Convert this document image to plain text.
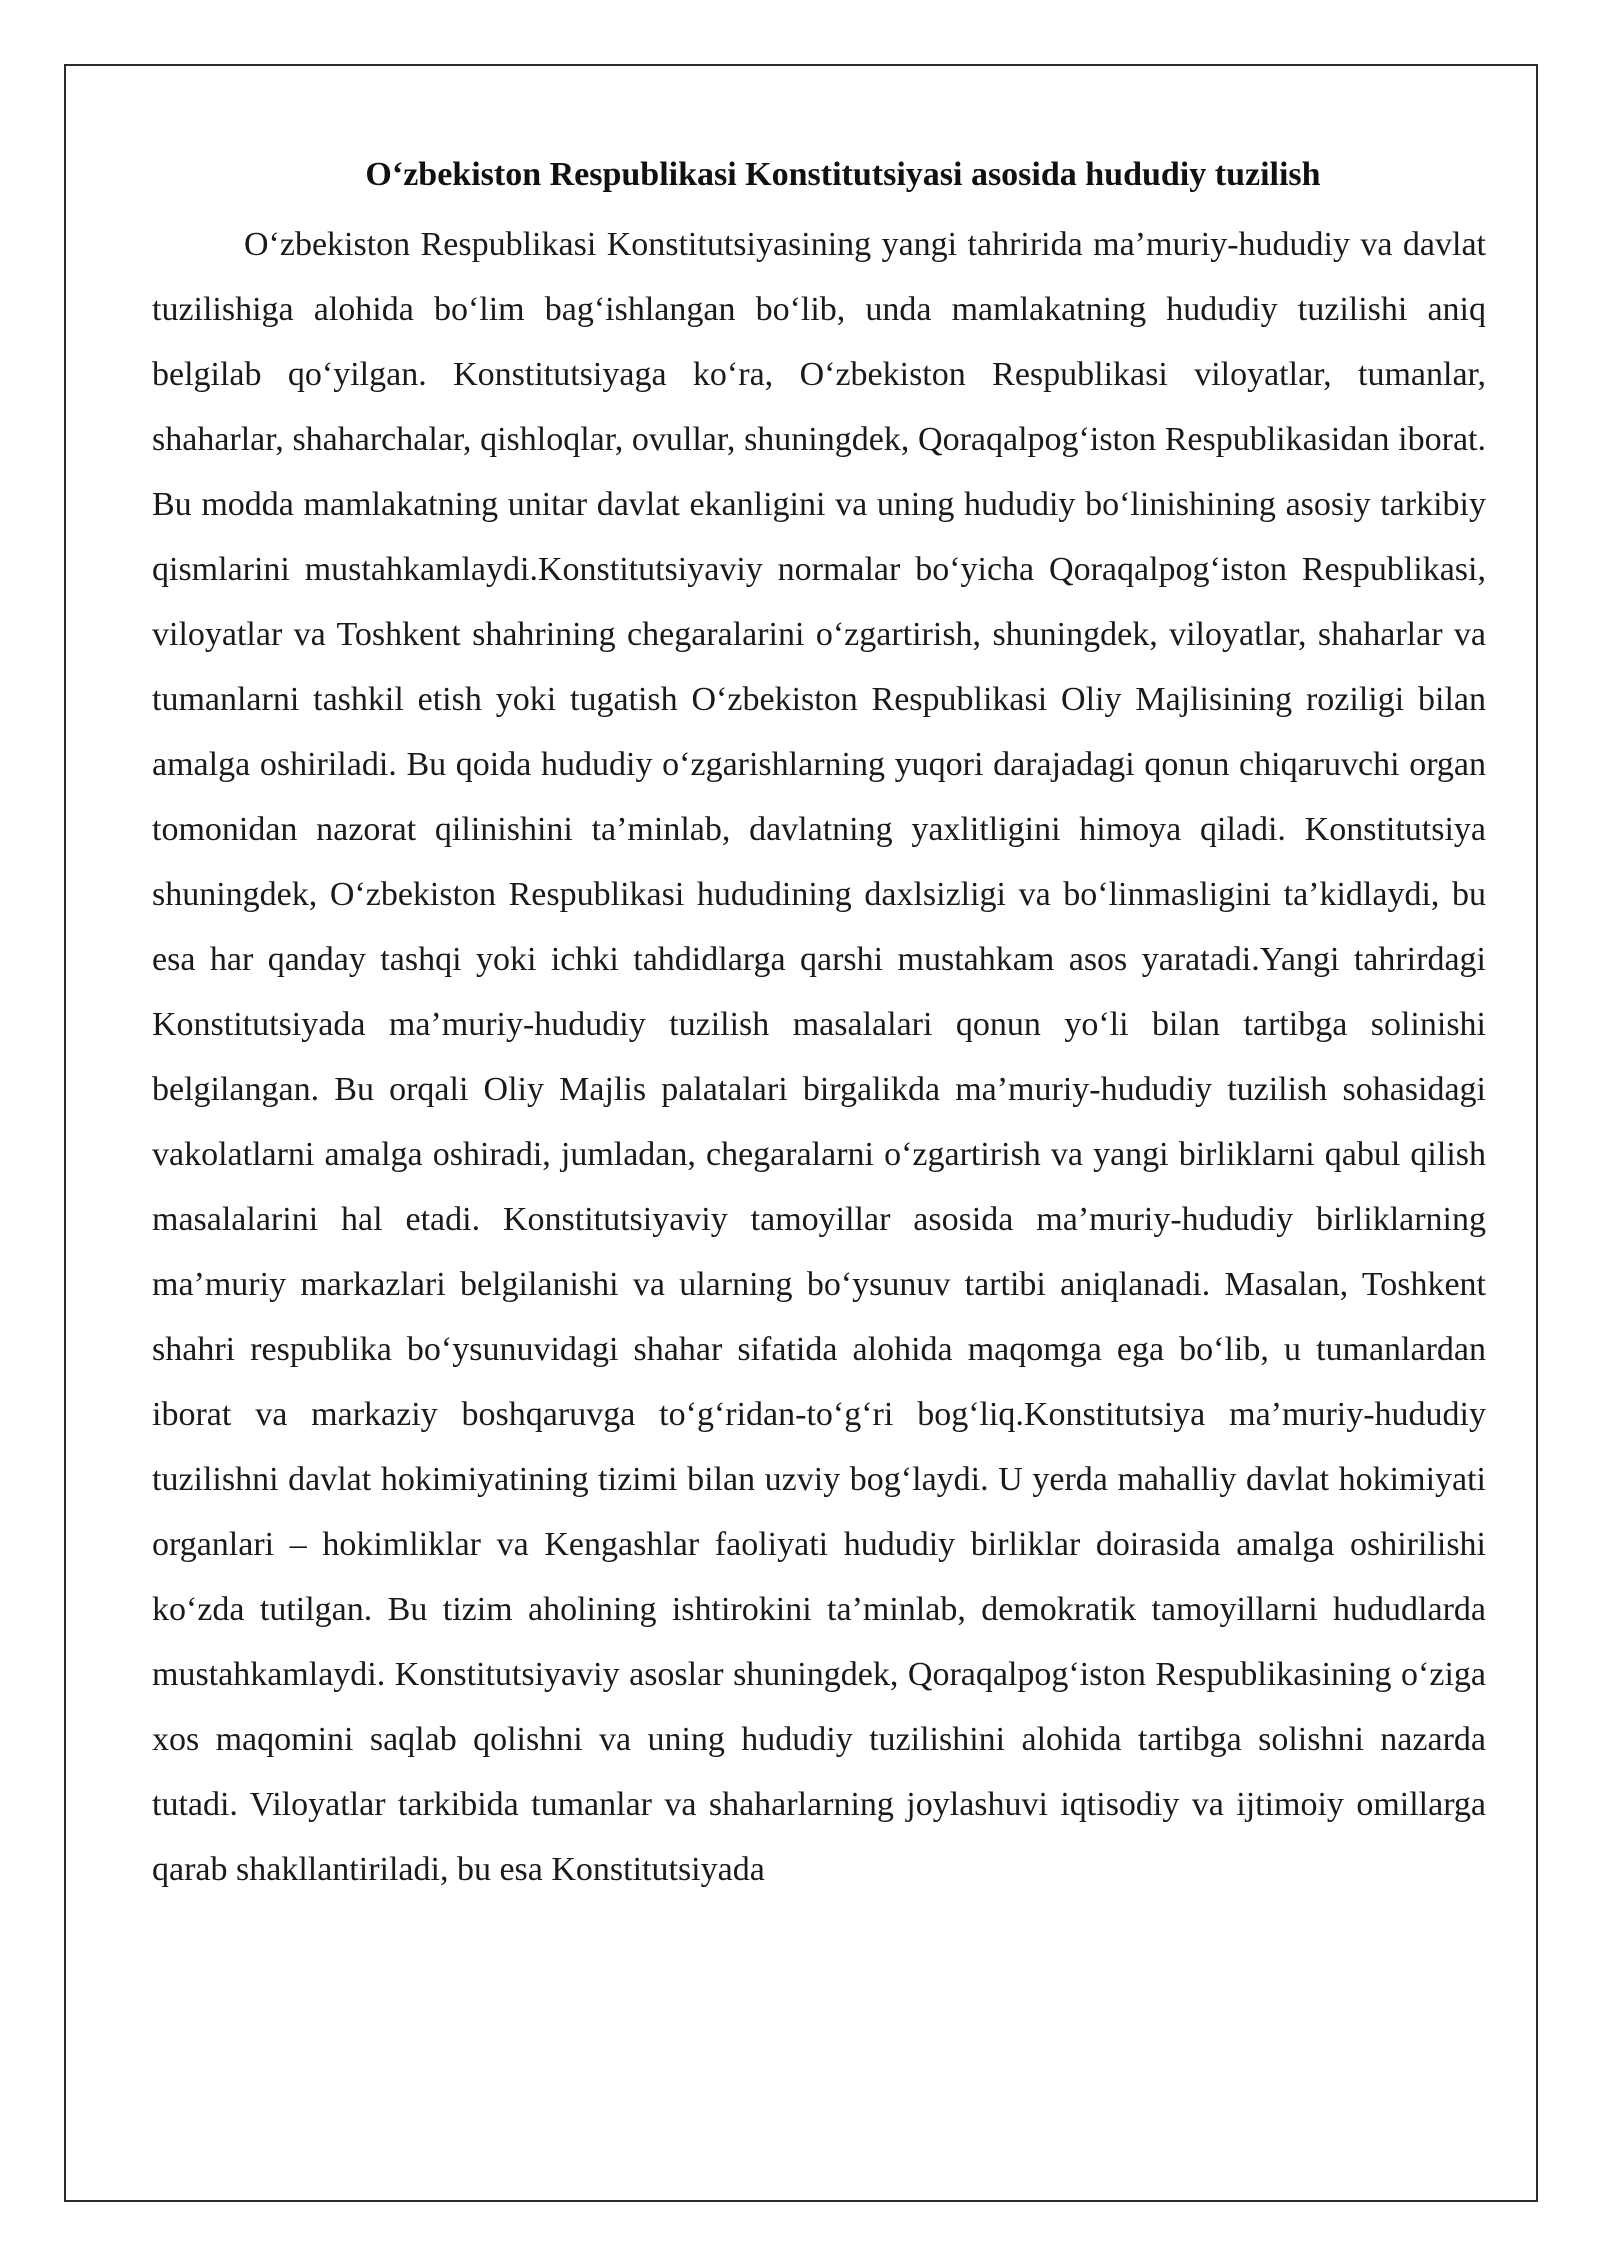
O‘zbekiston Respublikasi Konstitutsiyasi asosida hududiy tuzilish

O‘zbekiston Respublikasi Konstitutsiyasining yangi tahririda ma’muriy-hududiy va davlat tuzilishiga alohida bo‘lim bag‘ishlangan bo‘lib, unda mamlakatning hududiy tuzilishi aniq belgilab qo‘yilgan. Konstitutsiyaga ko‘ra, O‘zbekiston Respublikasi viloyatlar, tumanlar, shaharlar, shaharchalar, qishloqlar, ovullar, shuningdek, Qoraqalpog‘iston Respublikasidan iborat. Bu modda mamlakatning unitar davlat ekanligini va uning hududiy bo‘linishining asosiy tarkibiy qismlarini mustahkamlaydi.Konstitutsiyaviy normalar bo‘yicha Qoraqalpog‘iston Respublikasi, viloyatlar va Toshkent shahrining chegaralarini o‘zgartirish, shuningdek, viloyatlar, shaharlar va tumanlarni tashkil etish yoki tugatish O‘zbekiston Respublikasi Oliy Majlisining roziligi bilan amalga oshiriladi. Bu qoida hududiy o‘zgarishlarning yuqori darajadagi qonun chiqaruvchi organ tomonidan nazorat qilinishini ta’minlab, davlatning yaxlitligini himoya qiladi. Konstitutsiya shuningdek, O‘zbekiston Respublikasi hududining daxlsizligi va bo‘linmasligini ta’kidlaydi, bu esa har qanday tashqi yoki ichki tahdidlarga qarshi mustahkam asos yaratadi.Yangi tahrirdagi Konstitutsiyada ma’muriy-hududiy tuzilish masalalari qonun yo‘li bilan tartibga solinishi belgilangan. Bu orqali Oliy Majlis palatalari birgalikda ma’muriy-hududiy tuzilish sohasidagi vakolatlarni amalga oshiradi, jumladan, chegaralarni o‘zgartirish va yangi birliklarni qabul qilish masalalarini hal etadi. Konstitutsiyaviy tamoyillar asosida ma’muriy-hududiy birliklarning ma’muriy markazlari belgilanishi va ularning bo‘ysunuv tartibi aniqlanadi. Masalan, Toshkent shahri respublika bo‘ysunuvidagi shahar sifatida alohida maqomga ega bo‘lib, u tumanlardan iborat va markaziy boshqaruvga to‘g‘ridan-to‘g‘ri bog‘liq.Konstitutsiya ma’muriy-hududiy tuzilishni davlat hokimiyatining tizimi bilan uzviy bog‘laydi. U yerda mahalliy davlat hokimiyati organlari – hokimliklar va Kengashlar faoliyati hududiy birliklar doirasida amalga oshirilishi ko‘zda tutilgan. Bu tizim aholining ishtirokini ta’minlab, demokratik tamoyillarni hududlarda mustahkamlaydi. Konstitutsiyaviy asoslar shuningdek, Qoraqalpog‘iston Respublikasining o‘ziga xos maqomini saqlab qolishni va uning hududiy tuzilishini alohida tartibga solishni nazarda tutadi. Viloyatlar tarkibida tumanlar va shaharlarning joylashuvi iqtisodiy va ijtimoiy omillarga qarab shakllantiriladi, bu esa Konstitutsiyada
